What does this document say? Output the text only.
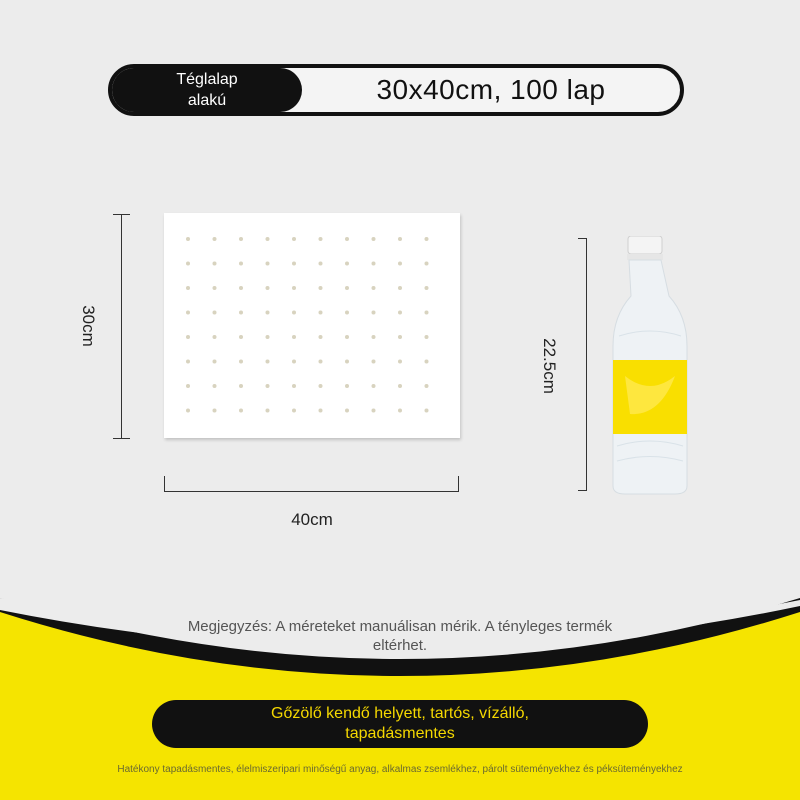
Téglalap alakú	30x40cm, 100 lap
30cm
40cm
22.5cm
Megjegyzés: A méreteket manuálisan mérik. A tényleges termék eltérhet.
Gőzölő kendő helyett, tartós, vízálló, tapadásmentes
Hatékony tapadásmentes, élelmiszeripari minőségű anyag, alkalmas zsemlékhez, párolt süteményekhez és péksüteményekhez
